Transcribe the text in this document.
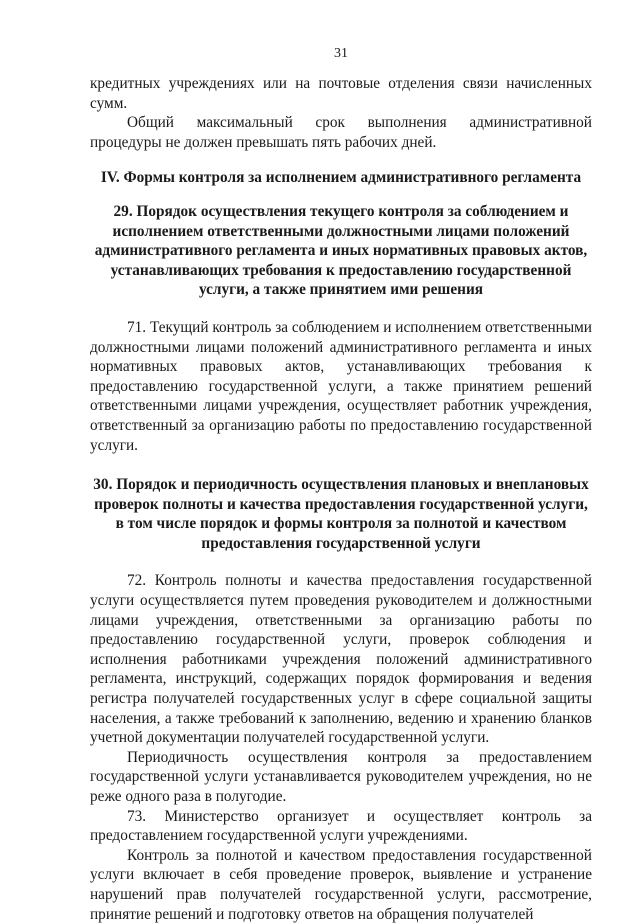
31

кредитных учреждениях или на почтовые отделения связи начисленных сумм.

Общий максимальный срок выполнения административной процедуры не должен превышать пять рабочих дней.

IV. Формы контроля за исполнением административного регламента
29. Порядок осуществления текущего контроля за соблюдением и исполнением ответственными должностными лицами положений административного регламента и иных нормативных правовых актов, устанавливающих требования к предоставлению государственной услуги, а также принятием ими решения

71. Текущий контроль за соблюдением и исполнением ответственными должностными лицами положений административного регламента и иных нормативных правовых актов, устанавливающих требования к предоставлению государственной услуги, а также принятием решений ответственными лицами учреждения, осуществляет работник учреждения, ответственный за организацию работы по предоставлению государственной услуги.

30. Порядок и периодичность осуществления плановых и внеплановых проверок полноты и качества предоставления государственной услуги, в том числе порядок и формы контроля за полнотой и качеством предоставления государственной услуги

72. Контроль полноты и качества предоставления государственной услуги осуществляется путем проведения руководителем и должностными лицами учреждения, ответственными за организацию работы по предоставлению государственной услуги, проверок соблюдения и исполнения работниками учреждения положений административного регламента, инструкций, содержащих порядок формирования и ведения регистра получателей государственных услуг в сфере социальной защиты населения, а также требований к заполнению, ведению и хранению бланков учетной документации получателей государственной услуги.

Периодичность осуществления контроля за предоставлением государственной услуги устанавливается руководителем учреждения, но не реже одного раза в полугодие.

73. Министерство организует и осуществляет контроль за предоставлением государственной услуги учреждениями.

Контроль за полнотой и качеством предоставления государственной услуги включает в себя проведение проверок, выявление и устранение нарушений прав получателей государственной услуги, рассмотрение, принятие решений и подготовку ответов на обращения получателей
